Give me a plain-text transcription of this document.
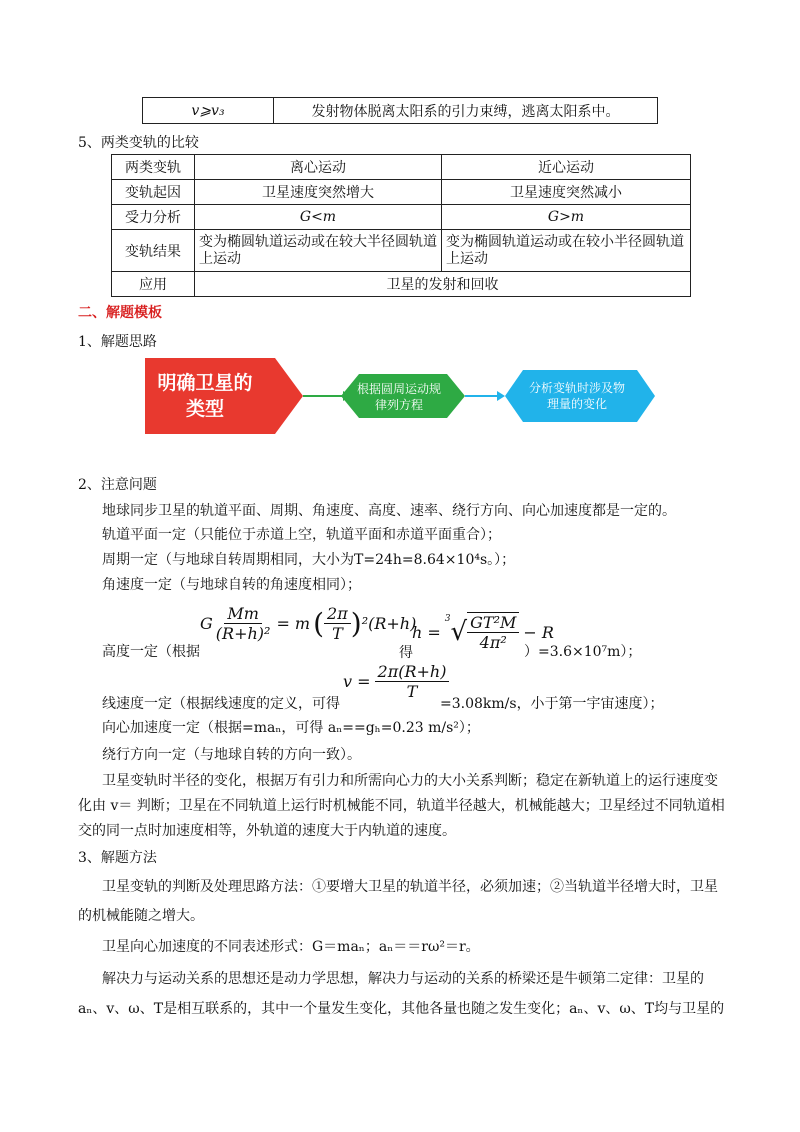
v⩾v₃	发射物体脱离太阳系的引力束缚，逃离太阳系中。
5、两类变轨的比较
两类变轨	离心运动	近心运动
变轨起因	卫星速度突然增大	卫星速度突然减小
受力分析	G<m	G>m
变轨结果	变为椭圆轨道运动或在较大半径圆轨道上运动	变为椭圆轨道运动或在较小半径圆轨道上运动
应用	卫星的发射和回收	
二、解题模板
1、解题思路
明确卫星的类型
根据圆周运动规律列方程
分析变轨时涉及物理量的变化
2、注意问题
地球同步卫星的轨道平面、周期、角速度、高度、速率、绕行方向、向心加速度都是一定的。
轨道平面一定（只能位于赤道上空，轨道平面和赤道平面重合）；
周期一定（与地球自转周期相同，大小为T=24h=8.64×10⁴s。）；
角速度一定（与地球自转的角速度相同）；
高度一定（根据
G $\frac{Mm}{\text{(R+h)²}} = m$ ( $\frac{2\pi}{T}$ ) ²(R+h)
得
h =
3 √ $\frac{\text{GT²M}}{\text{4π²}} - R$
）=3.6×10⁷m）；
$v = \frac{2\pi(R+h)}{T}$
线速度一定（根据线速度的定义，可得	=3.08km/s，小于第一宇宙速度）；
向心加速度一定（根据=maₙ，可得 aₙ==gₕ=0.23 m/s²）；
绕行方向一定（与地球自转的方向一致）。
卫星变轨时半径的变化，根据万有引力和所需向心力的大小关系判断；稳定在新轨道上的运行速度变
化由 v＝ 判断；卫星在不同轨道上运行时机械能不同，轨道半径越大，机械能越大；卫星经过不同轨道相
交的同一点时加速度相等，外轨道的速度大于内轨道的速度。
3、解题方法
卫星变轨的判断及处理思路方法：①要增大卫星的轨道半径，必须加速；②当轨道半径增大时，卫星
的机械能随之增大。
卫星向心加速度的不同表述形式：G＝maₙ；aₙ＝＝rω²＝r。
解决力与运动关系的思想还是动力学思想，解决力与运动的关系的桥梁还是牛顿第二定律：卫星的
aₙ、v、ω、T是相互联系的，其中一个量发生变化，其他各量也随之发生变化；aₙ、v、ω、T均与卫星的
